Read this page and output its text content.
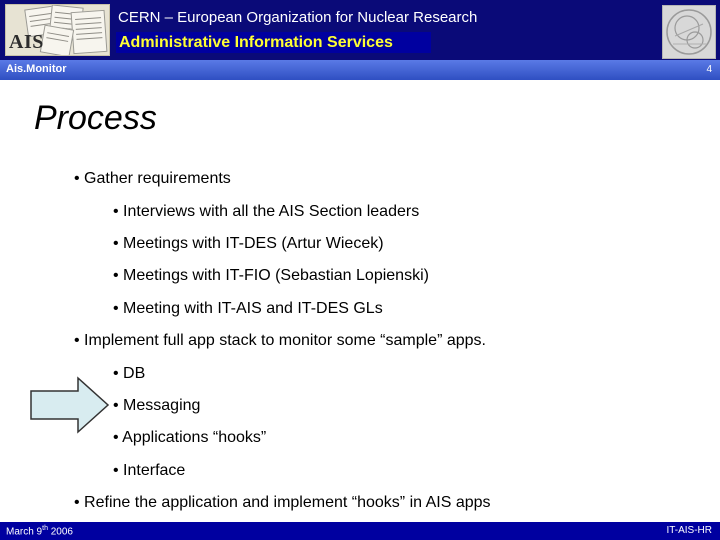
AIS
CERN – European Organization for Nuclear Research
Administrative Information Services
Ais.Monitor	4
Process
• Gather requirements
• Interviews with all the AIS Section leaders
• Meetings with IT-DES (Artur Wiecek)
• Meetings with IT-FIO (Sebastian Lopienski)
• Meeting with IT-AIS and IT-DES GLs
• Implement full app stack to monitor some “sample” apps.
• DB
• Messaging
• Applications “hooks”
• Interface
• Refine the application and implement “hooks” in AIS apps
March 9th 2006	IT-AIS-HR
